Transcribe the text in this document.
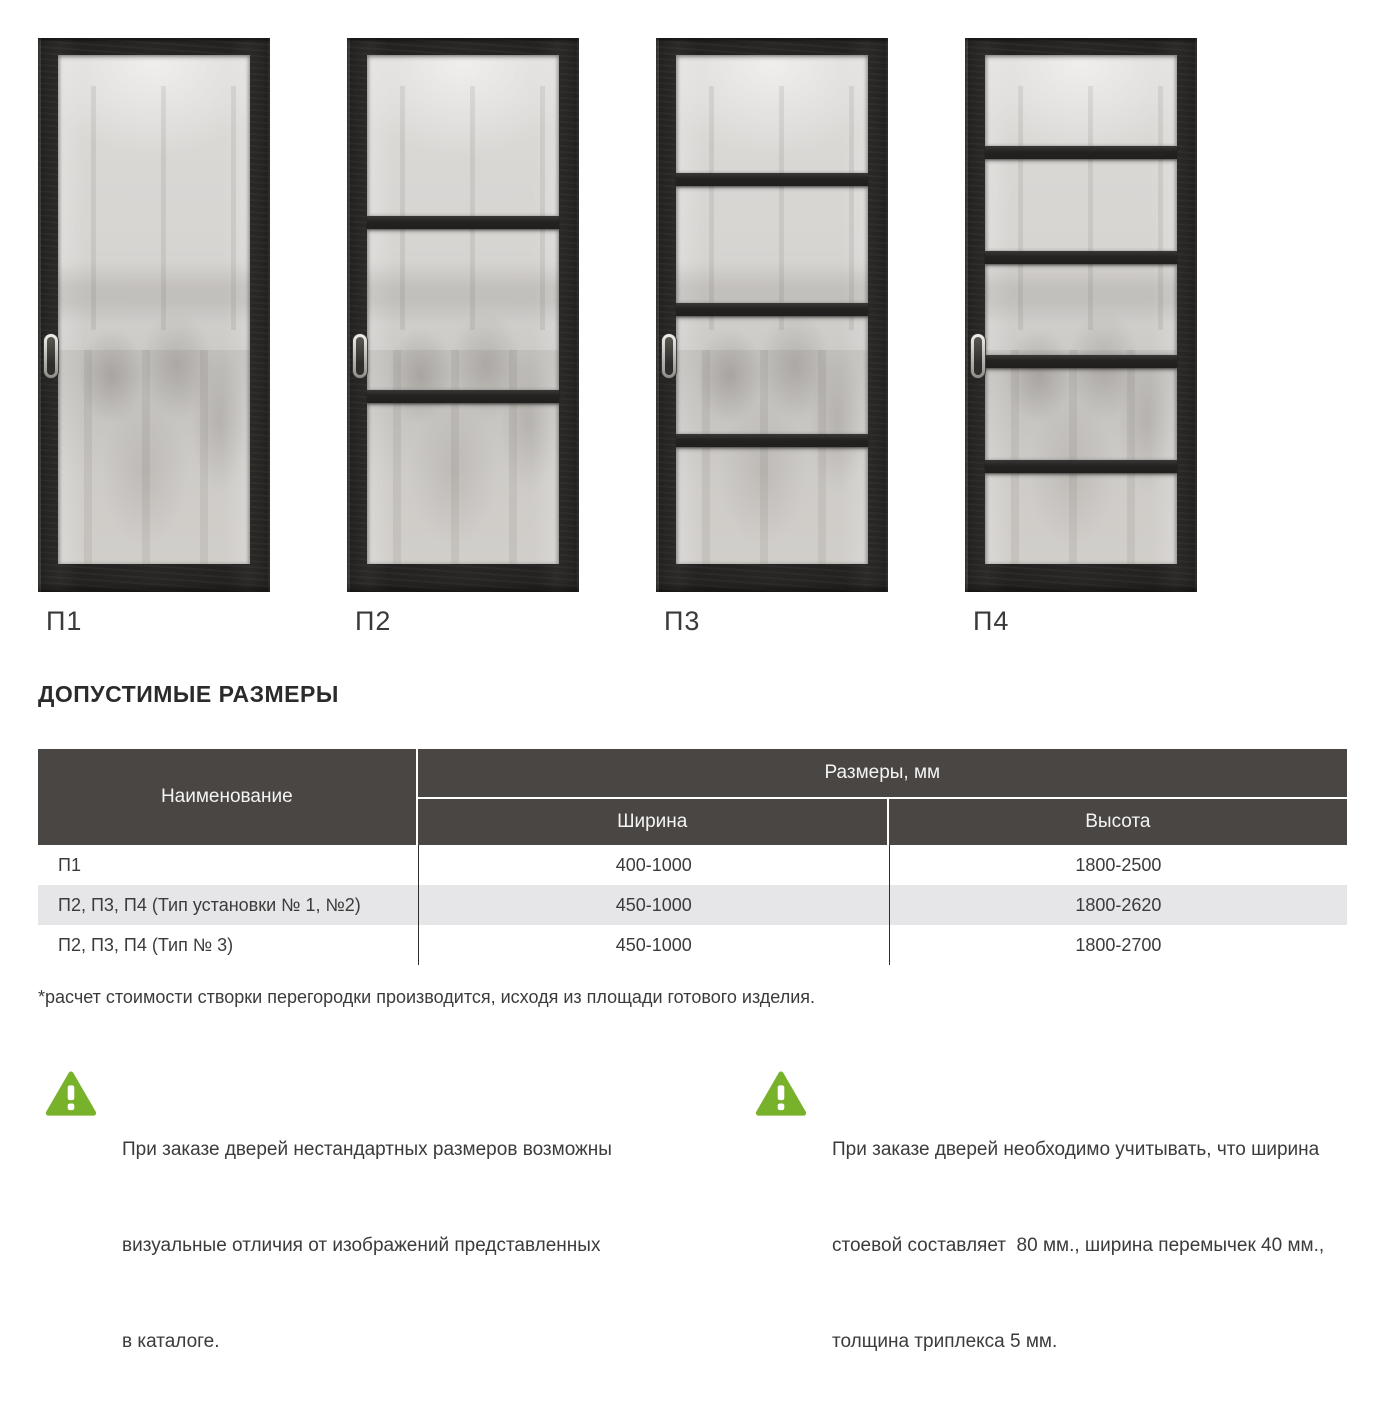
П1	П2	П3	П4
ДОПУСТИМЫЕ РАЗМЕРЫ
Наименование
Размеры, мм
Ширина	Высота
П1	400-1000	1800-2500
П2, П3, П4 (Тип установки № 1, №2)	450-1000	1800-2620
П2, П3, П4 (Тип № 3)	450-1000	1800-2700
*расчет стоимости створки перегородки производится, исходя из площади готового изделия.

При заказе дверей нестандартных размеров возможны

визуальные отличия от изображений представленных

в каталоге.

При заказе дверей необходимо учитывать, что ширина

стоевой составляет  80 мм., ширина перемычек 40 мм.,

толщина триплекса 5 мм.
